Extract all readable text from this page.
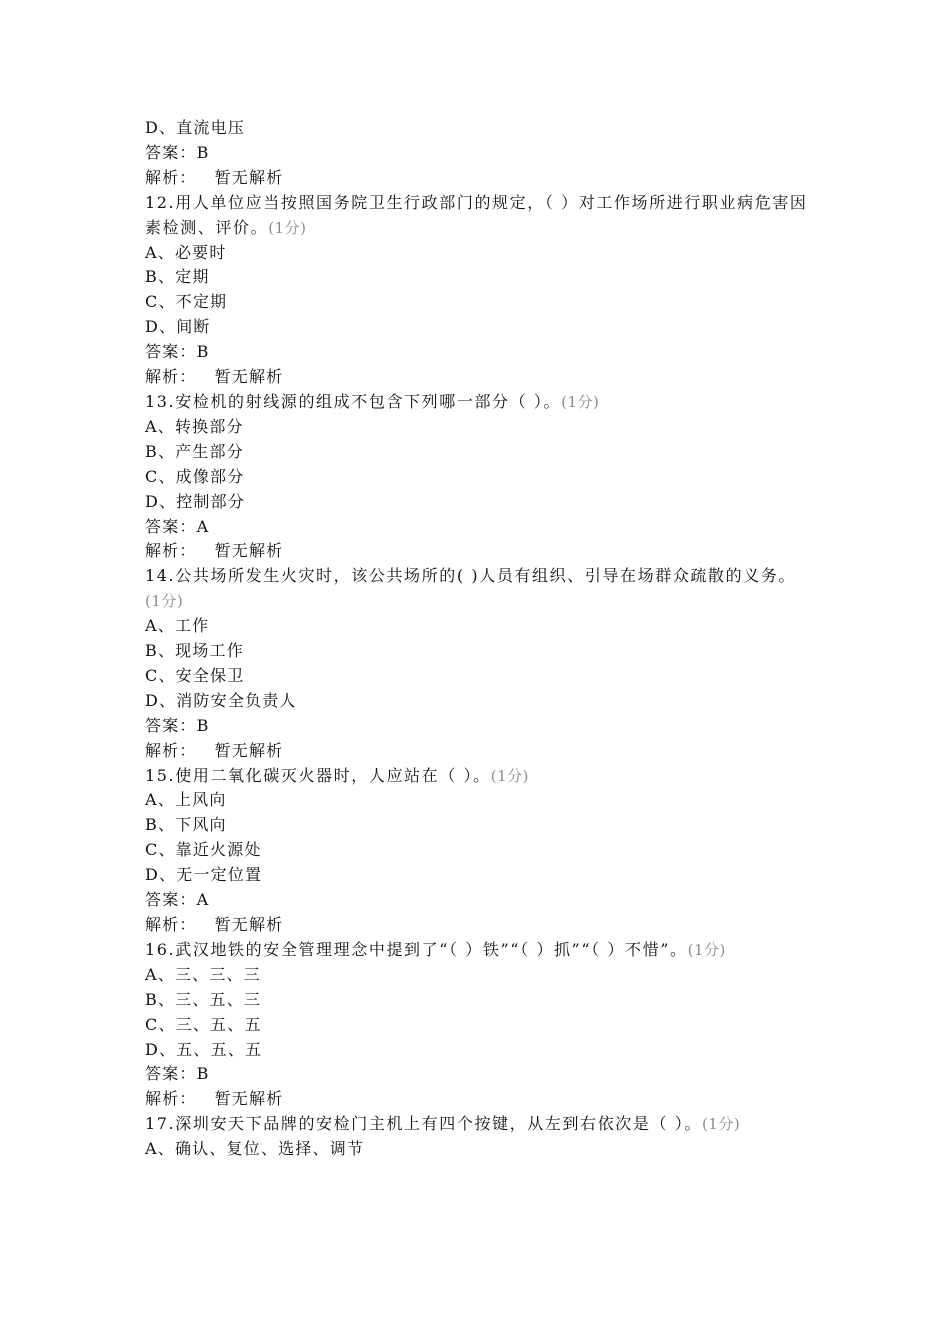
D、直流电压
答案：B
解析： 暂无解析
12.用人单位应当按照国务院卫生行政部门的规定，（ ）对工作场所进行职业病危害因素检测、评价。(1分)
A、必要时
B、定期
C、不定期
D、间断
答案：B
解析： 暂无解析
13.安检机的射线源的组成不包含下列哪一部分（ ）。(1分)
A、转换部分
B、产生部分
C、成像部分
D、控制部分
答案：A
解析： 暂无解析
14.公共场所发生火灾时，该公共场所的( )人员有组织、引导在场群众疏散的义务。(1分)
A、工作
B、现场工作
C、安全保卫
D、消防安全负责人
答案：B
解析： 暂无解析
15.使用二氧化碳灭火器时，人应站在（ ）。(1分)
A、上风向
B、下风向
C、靠近火源处
D、无一定位置
答案：A
解析： 暂无解析
16.武汉地铁的安全管理理念中提到了“（ ）铁”“（ ）抓”“（ ）不惜”。(1分)
A、三、三、三
B、三、五、三
C、三、五、五
D、五、五、五
答案：B
解析： 暂无解析
17.深圳安天下品牌的安检门主机上有四个按键，从左到右依次是（ ）。(1分)
A、确认、复位、选择、调节
